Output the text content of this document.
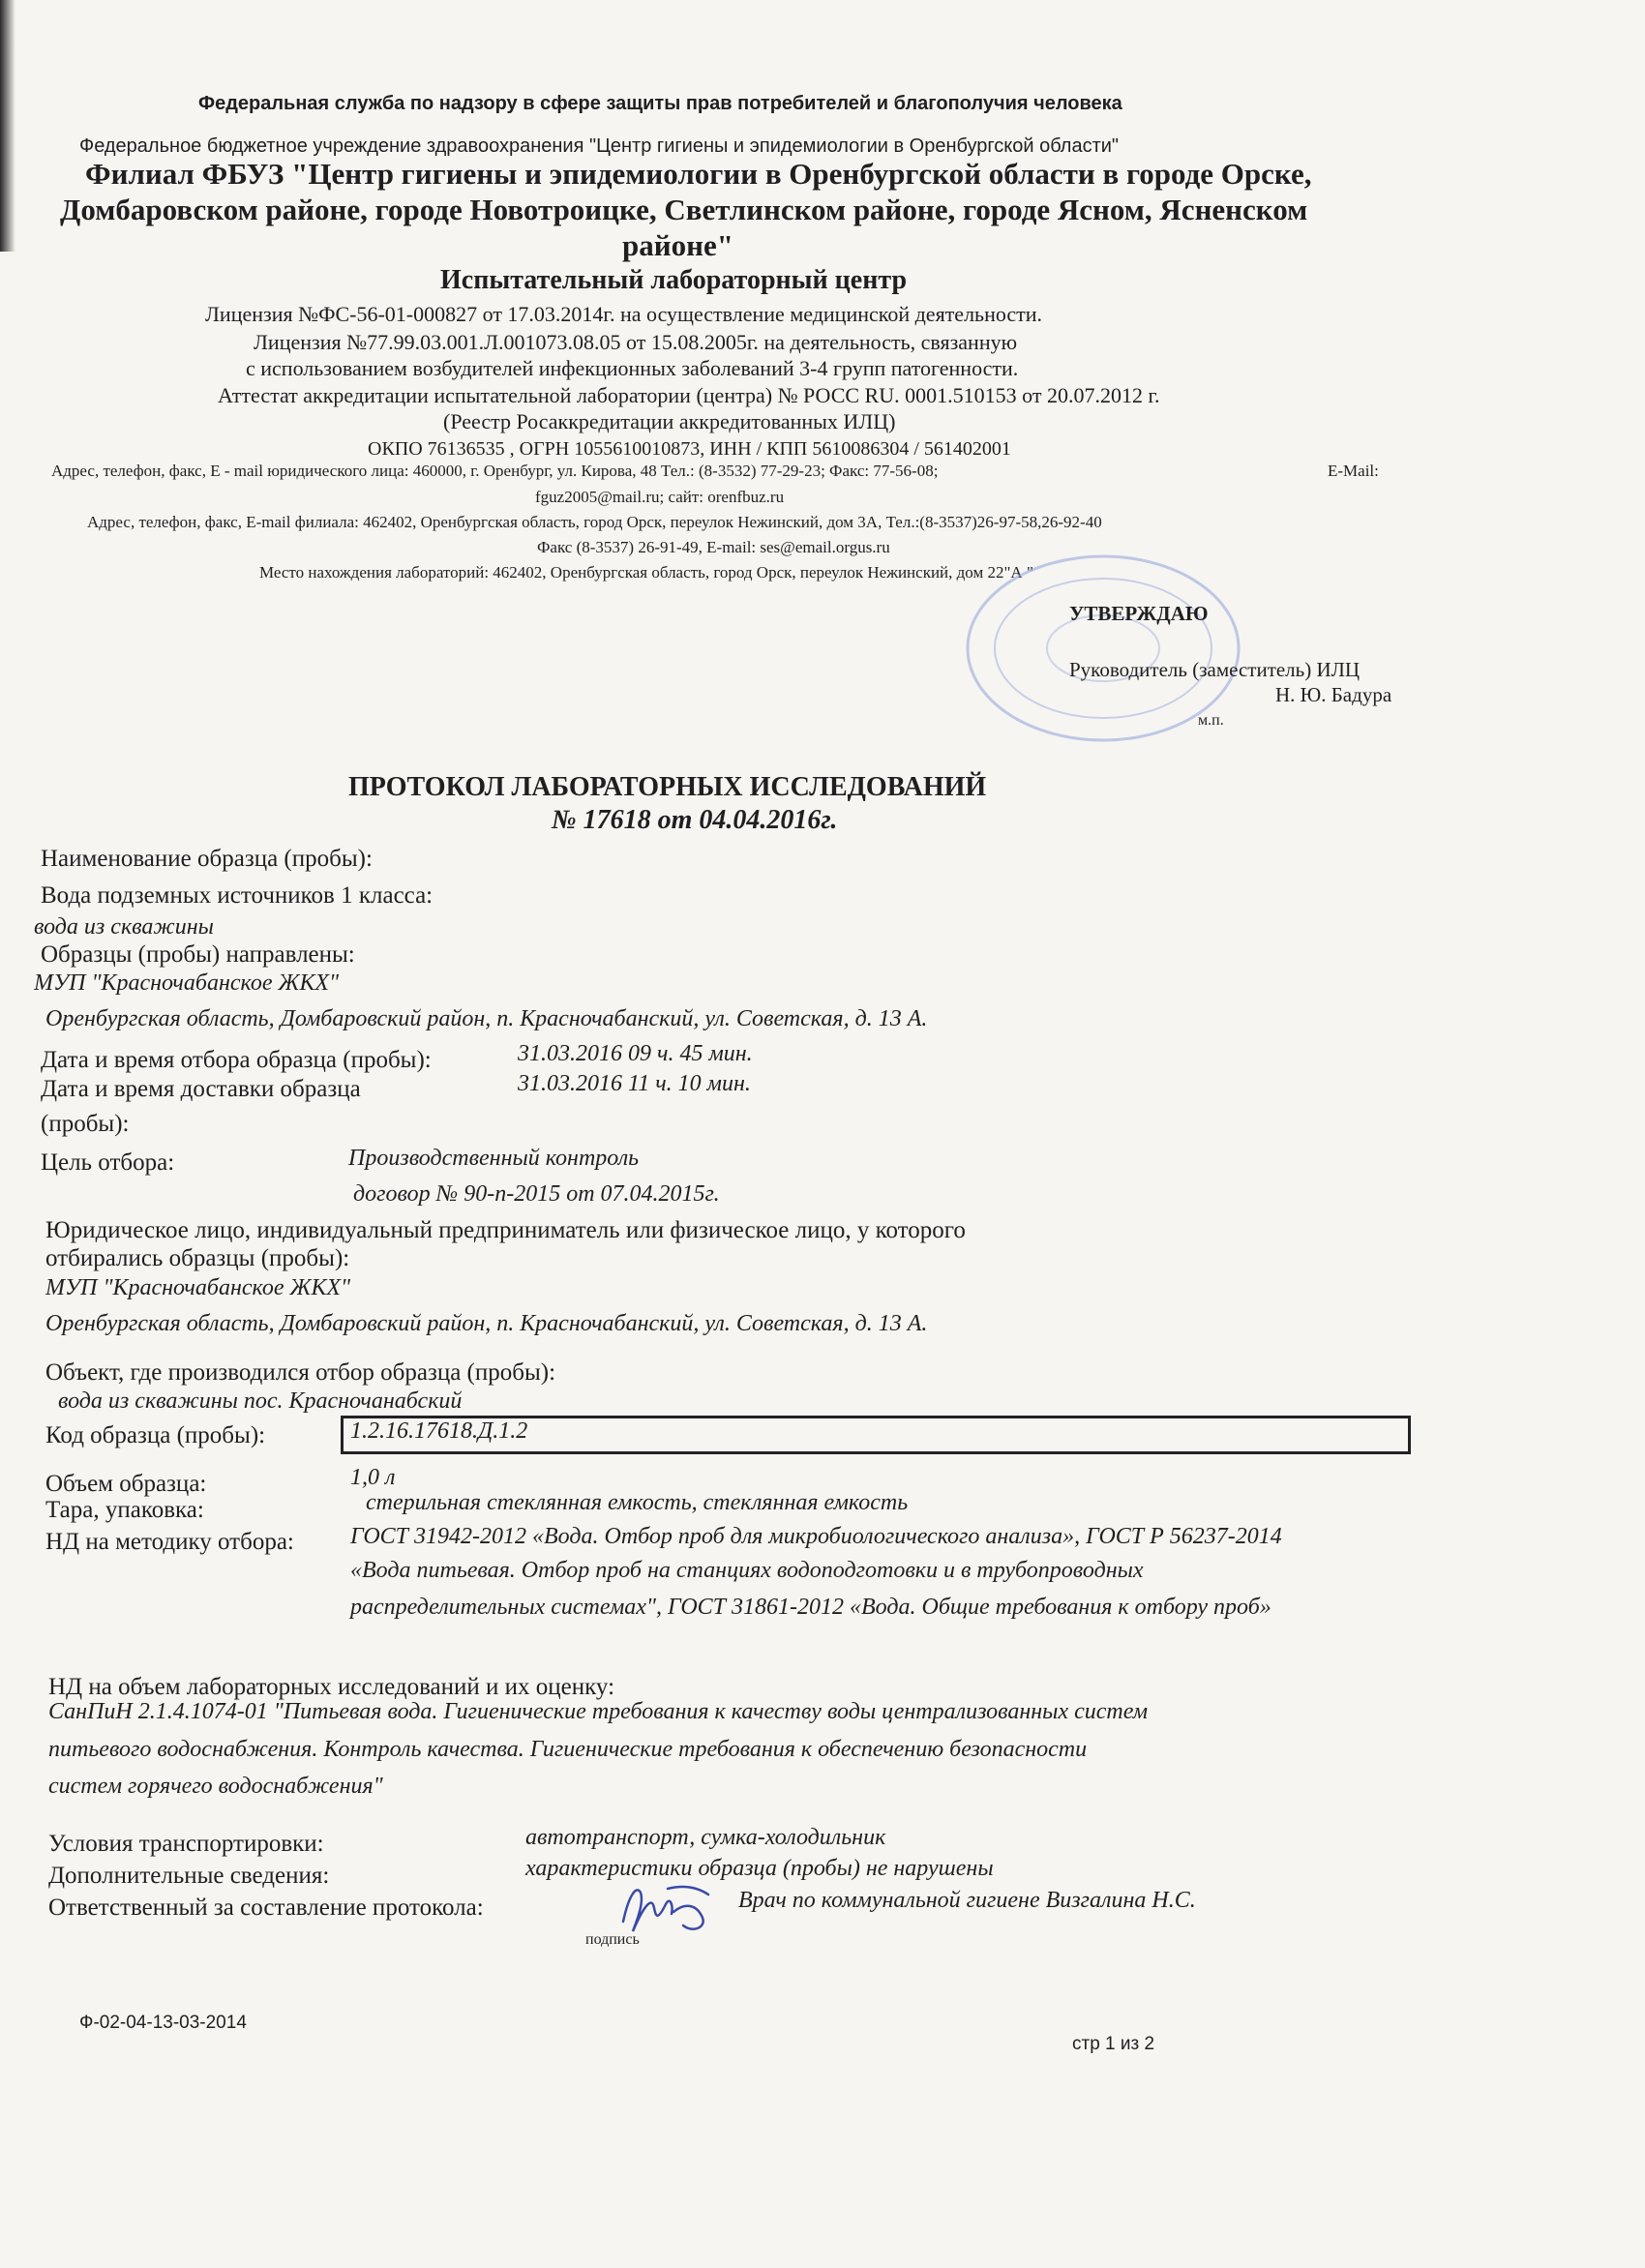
Федеральная служба по надзору в сфере защиты прав потребителей и благополучия человека
Федеральное бюджетное учреждение здравоохранения "Центр гигиены и эпидемиологии в Оренбургской области"
Филиал ФБУЗ "Центр гигиены и эпидемиологии в Оренбургской области в городе Орске,
Домбаровском районе, городе Новотроицке, Светлинском районе, городе Ясном, Ясненском
районе"
Испытательный лабораторный центр
Лицензия №ФС-56-01-000827 от 17.03.2014г. на осуществление медицинской деятельности.
Лицензия №77.99.03.001.Л.001073.08.05 от 15.08.2005г. на деятельность, связанную
с использованием возбудителей инфекционных заболеваний 3-4 групп патогенности.
Аттестат аккредитации испытательной лаборатории (центра) № РОСС RU. 0001.510153 от 20.07.2012 г.
(Реестр Росаккредитации аккредитованных ИЛЦ)
ОКПО 76136535 , ОГРН 1055610010873, ИНН / КПП 5610086304 / 561402001
Адрес, телефон, факс, E - mail юридического лица: 460000, г. Оренбург, ул. Кирова, 48 Тел.: (8-3532) 77-29-23; Факс: 77-56-08;	E-Mail:
fguz2005@mail.ru; сайт: orenfbuz.ru
Адрес, телефон, факс, E-mail филиала: 462402, Оренбургская область, город Орск, переулок Нежинский, дом 3А, Тел.:(8-3537)26-97-58,26-92-40
Факс (8-3537) 26-91-49, E-mail: ses@email.orgus.ru
Место нахождения лабораторий: 462402, Оренбургская область, город Орск, переулок Нежинский, дом 22"А "
УТВЕРЖДАЮ
Руководитель (заместитель) ИЛЦ
Н. Ю. Бадура
м.п.
ПРОТОКОЛ ЛАБОРАТОРНЫХ ИССЛЕДОВАНИЙ
№ 17618 от 04.04.2016г.
Наименование образца (пробы):
Вода подземных источников 1 класса:
вода из скважины
Образцы (пробы) направлены:
МУП "Красночабанское ЖКХ"
Оренбургская область, Домбаровский район, п. Красночабанский, ул. Советская, д. 13 А.
Дата и время отбора образца (пробы):	31.03.2016 09 ч. 45 мин.
Дата и время доставки образца	31.03.2016 11 ч. 10 мин.
(пробы):
Цель отбора:	Производственный контроль
договор № 90-п-2015 от 07.04.2015г.
Юридическое лицо, индивидуальный предприниматель или физическое лицо, у которого
отбирались образцы (пробы):
МУП "Красночабанское ЖКХ"
Оренбургская область, Домбаровский район, п. Красночабанский, ул. Советская, д. 13 А.
Объект, где производился отбор образца (пробы):
вода из скважины пос. Красночанабский
Код образца (пробы):	1.2.16.17618.Д.1.2
Объем образца:	1,0 л
Тара, упаковка:	стерильная стеклянная емкость, стеклянная емкость
НД на методику отбора: ГОСТ 31942-2012 «Вода. Отбор проб для микробиологического анализа», ГОСТ Р 56237-2014
«Вода питьевая. Отбор проб на станциях водоподготовки и в трубопроводных
распределительных системах", ГОСТ 31861-2012 «Вода. Общие требования к отбору проб»
НД на объем лабораторных исследований и их оценку:
СанПиН 2.1.4.1074-01 "Питьевая вода. Гигиенические требования к качеству воды централизованных систем
питьевого водоснабжения. Контроль качества. Гигиенические требования к обеспечению безопасности
систем горячего водоснабжения"
Условия транспортировки:	автотранспорт, сумка-холодильник
Дополнительные сведения:	характеристики образца (пробы) не нарушены
Ответственный за составление протокола:	Врач по коммунальной гигиене Визгалина Н.С.
подпись
Ф-02-04-13-03-2014
стр 1 из 2
